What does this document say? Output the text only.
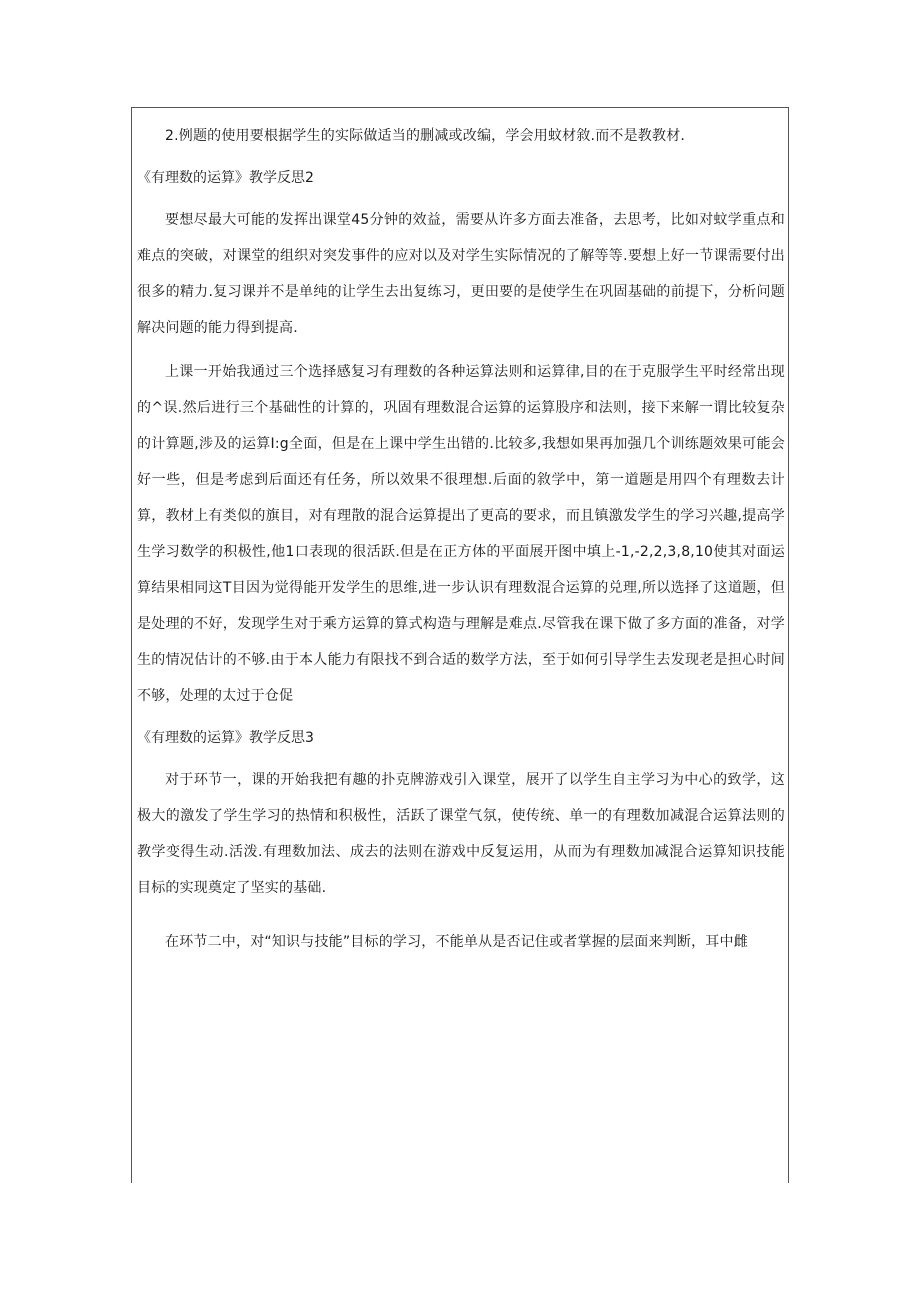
2.例题的使用要根据学生的实际做适当的删减或改编，学会用蚊材敘.而不是教教材.

《有理数的运算》教学反思2

要想尽最大可能的发挥出课堂45分钟的效益，需要从许多方面去准备，去思考，比如对蚊学重点和难点的突破，对课堂的组织对突发事件的应对以及对学生实际情况的了解等等.要想上好一节课需要付出很多的精力.复习课并不是单纯的让学生去出复练习，更田要的是使学生在巩固基础的前提下，分析问题解决问题的能力得到提高.

上课一开始我通过三个选择感复习有理数的各种运算法则和运算律,目的在于克服学生平时经常出现的^误.然后进行三个基础性的计算的，巩固有理数混合运算的运算股序和法则，接下来解一谓比较复杂的计算题,涉及的运算I:g全面，但是在上课中学生出错的.比较多,我想如果再加强几个训练题效果可能会好一些，但是考虑到后面还有任务，所以效果不很理想.后面的敘学中，第一道题是用四个有理数去计算，教材上有类似的旗目，对有理散的混合运算提出了更高的要求，而且镇激发学生的学习兴趣,提高学生学习数学的积极性,他1口表现的很活跃.但是在正方体的平面展开图中填上-1,-2,2,3,8,10使其对面运算结果相同这T目因为觉得能开发学生的思维,进一步认识有理数混合运算的兑理,所以选择了这道题，但是处理的不好，发现学生对于乘方运算的算式构造与理解是难点.尽管我在课下做了多方面的准备，对学生的情况估计的不够.由于本人能力有限找不到合适的数学方法，至于如何引导学生去发现老是担心时间不够，处理的太过于仓促

《有理数的运算》教学反思3

对于环节一，课的开始我把有趣的扑克牌游戏引入课堂，展开了以学生自主学习为中心的致学，这极大的激发了学生学习的热情和积极性，活跃了课堂气氛，使传统、单一的有理数加减混合运算法则的教学变得生动.活泼.有理数加法、成去的法则在游戏中反复运用，从而为有理数加减混合运算知识技能目标的实现奠定了坚实的基础.

在环节二中，对“知识与技能”目标的学习，不能单从是否记住或者掌握的层面来判断，耳中雌
